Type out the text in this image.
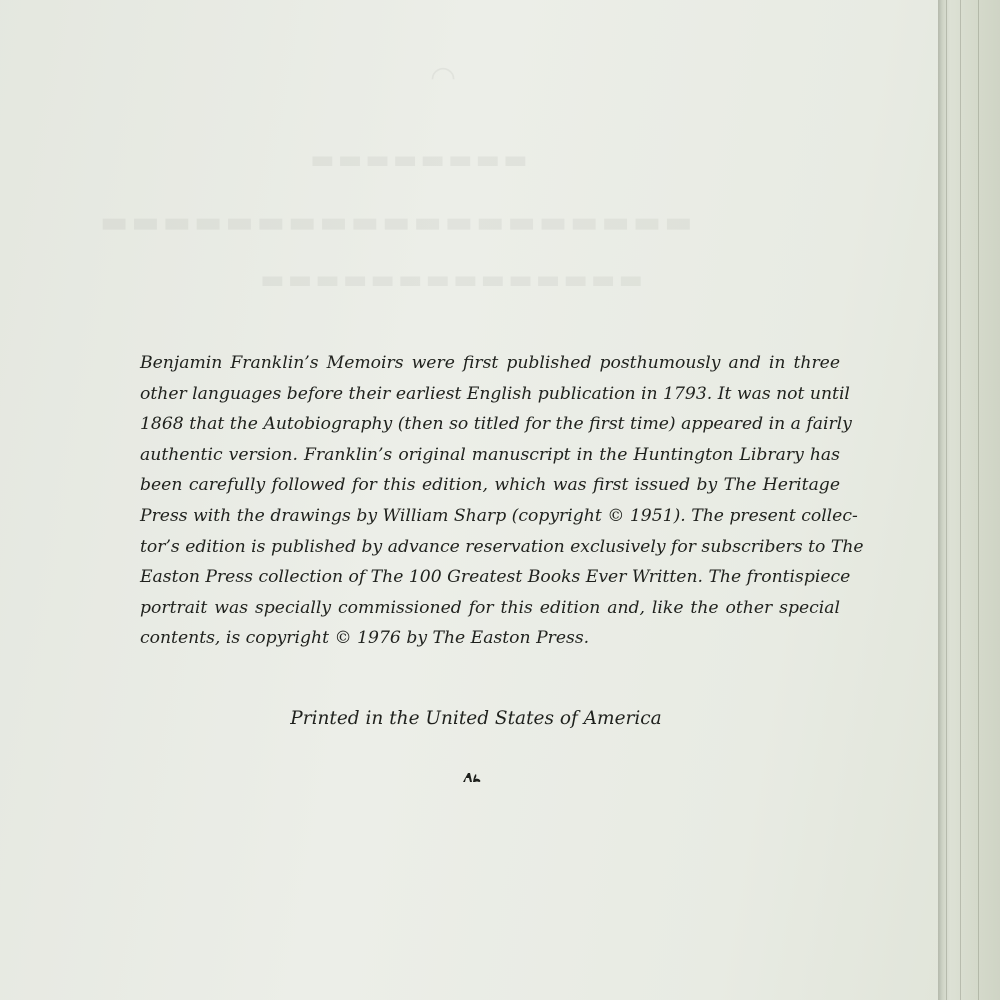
◠
▬▬▬▬▬▬▬▬
▬▬▬▬▬▬▬▬▬▬▬▬▬▬▬▬▬▬▬
▬▬▬▬▬▬▬▬▬▬▬▬▬▬
Benjamin Franklin’s Memoirs were first published posthumously and in three
other languages before their earliest English publication in 1793. It was not until
1868 that the Autobiography (then so titled for the first time) appeared in a fairly
authentic version. Franklin’s original manuscript in the Huntington Library has
been carefully followed for this edition, which was first issued by The Heritage
Press with the drawings by William Sharp (copyright © 1951). The present collec-
tor’s edition is published by advance reservation exclusively for subscribers to The
Easton Press collection of The 100 Greatest Books Ever Written. The frontispiece
portrait was specially commissioned for this edition and, like the other special
contents, is copyright © 1976 by The Easton Press.

Printed in the United States of America
